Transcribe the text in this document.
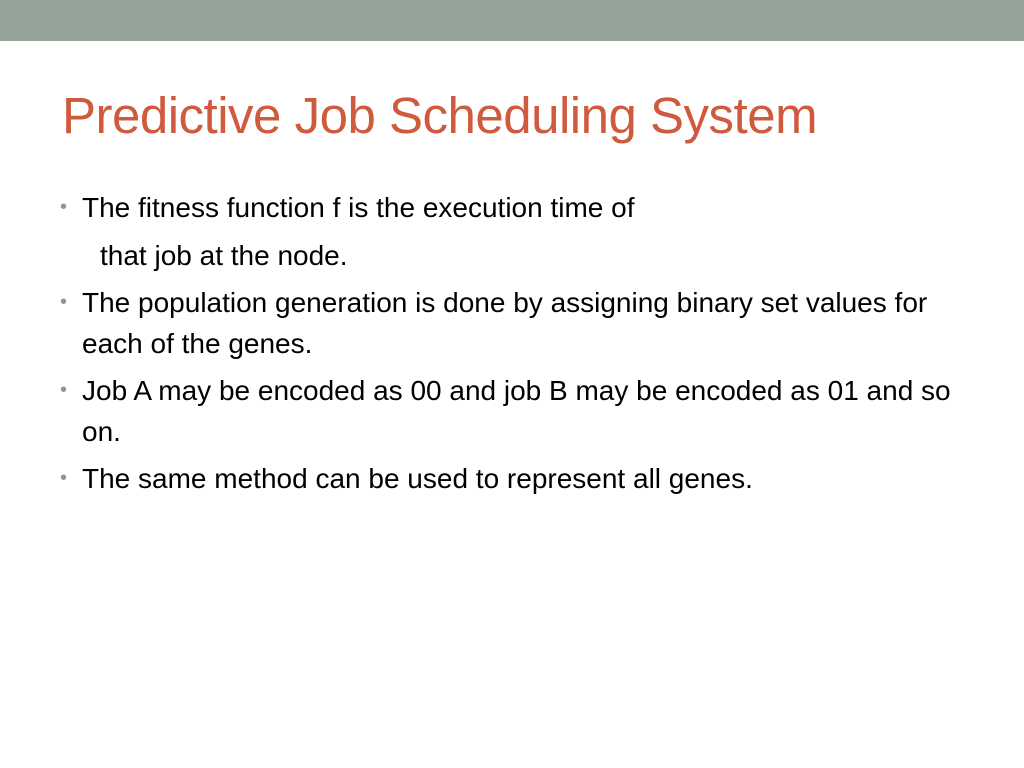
Predictive Job Scheduling System
• The fitness function f is the execution time of
that job at the node.
• The population generation is done by assigning binary set values for each of the genes.
• Job A may be encoded as 00 and job B may be encoded as 01 and so on.
• The same method can be used to represent all genes.
